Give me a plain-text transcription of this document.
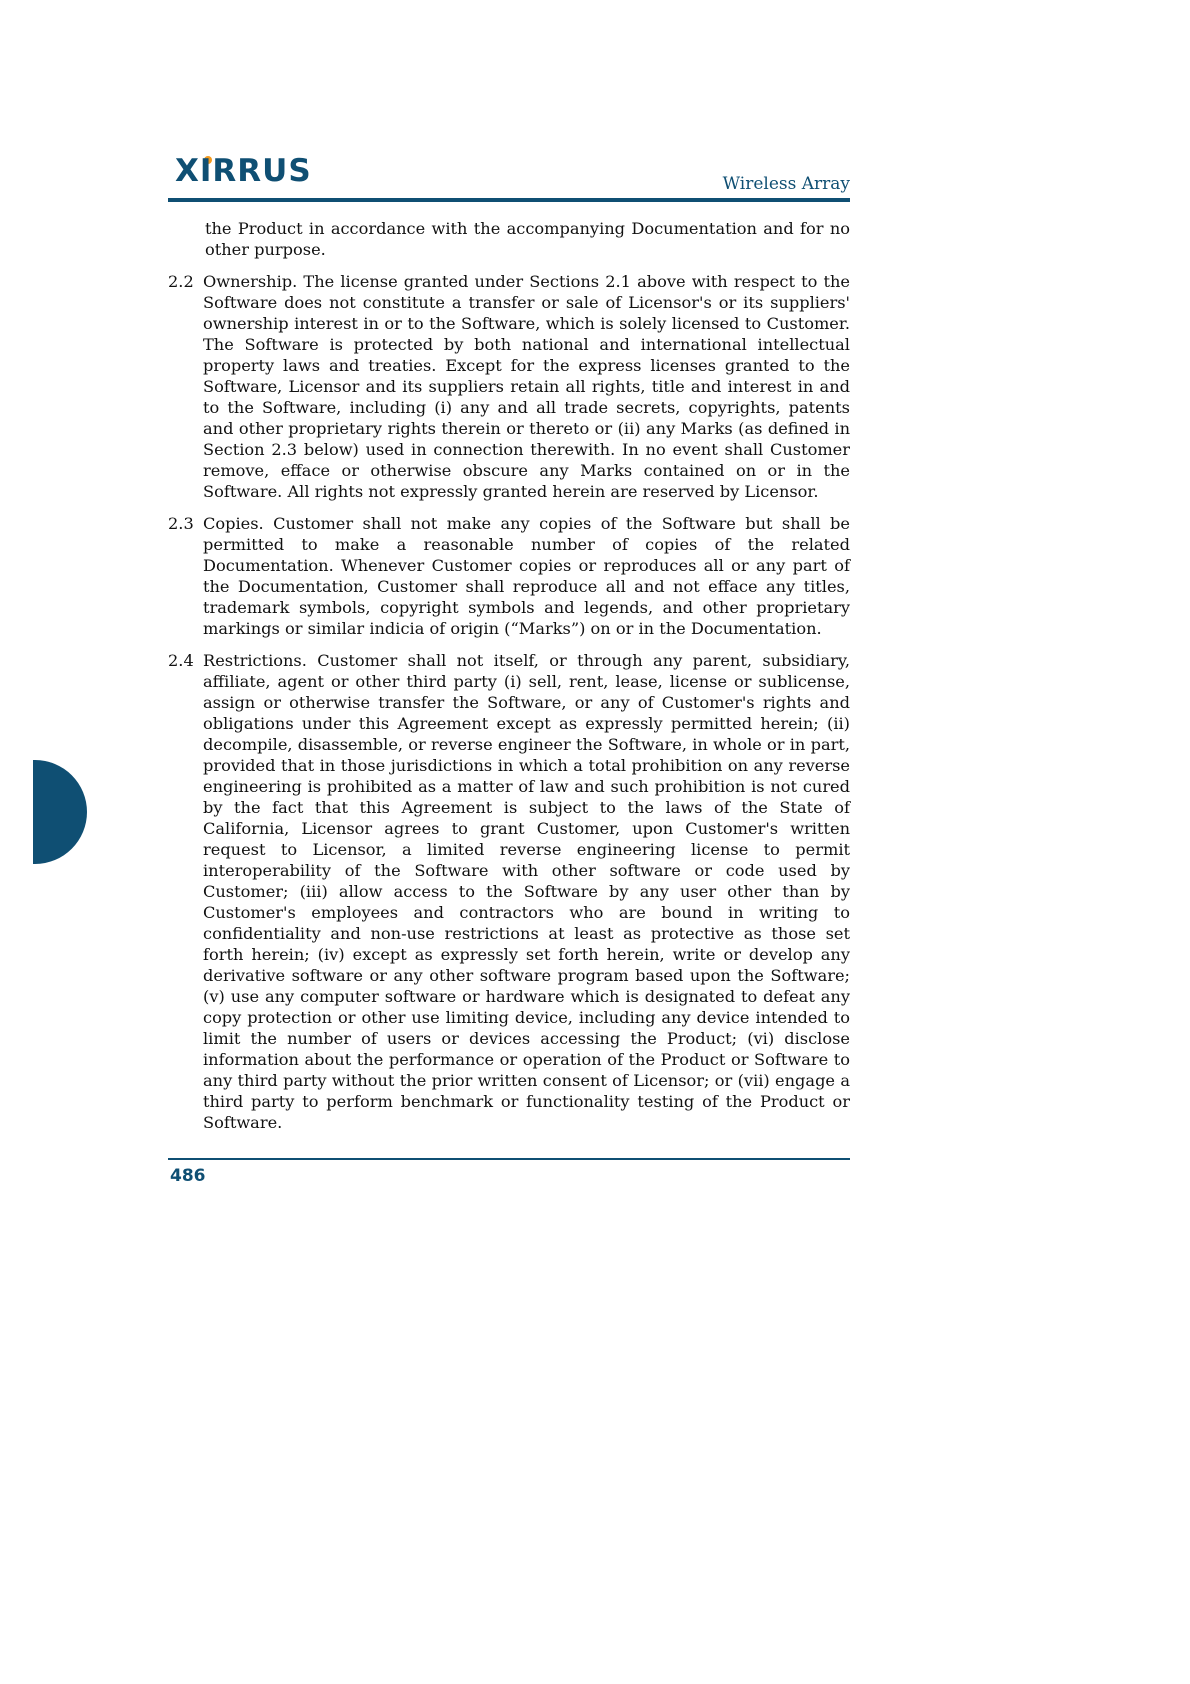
XIRRUS	Wireless Array

the Product in accordance with the accompanying Documentation and for no other purpose.

2.2 Ownership. The license granted under Sections 2.1 above with respect to the Software does not constitute a transfer or sale of Licensor's or its suppliers' ownership interest in or to the Software, which is solely licensed to Customer. The Software is protected by both national and international intellectual property laws and treaties. Except for the express licenses granted to the Software, Licensor and its suppliers retain all rights, title and interest in and to the Software, including (i) any and all trade secrets, copyrights, patents and other proprietary rights therein or thereto or (ii) any Marks (as defined in Section 2.3 below) used in connection therewith. In no event shall Customer remove, efface or otherwise obscure any Marks contained on or in the Software. All rights not expressly granted herein are reserved by Licensor.
2.3 Copies. Customer shall not make any copies of the Software but shall be permitted to make a reasonable number of copies of the related Documentation. Whenever Customer copies or reproduces all or any part of the Documentation, Customer shall reproduce all and not efface any titles, trademark symbols, copyright symbols and legends, and other proprietary markings or similar indicia of origin (“Marks”) on or in the Documentation.
2.4 Restrictions. Customer shall not itself, or through any parent, subsidiary, affiliate, agent or other third party (i) sell, rent, lease, license or sublicense, assign or otherwise transfer the Software, or any of Customer's rights and obligations under this Agreement except as expressly permitted herein; (ii) decompile, disassemble, or reverse engineer the Software, in whole or in part, provided that in those jurisdictions in which a total prohibition on any reverse engineering is prohibited as a matter of law and such prohibition is not cured by the fact that this Agreement is subject to the laws of the State of California, Licensor agrees to grant Customer, upon Customer's written request to Licensor, a limited reverse engineering license to permit interoperability of the Software with other software or code used by Customer; (iii) allow access to the Software by any user other than by Customer's employees and contractors who are bound in writing to confidentiality and non-use restrictions at least as protective as those set forth herein; (iv) except as expressly set forth herein, write or develop any derivative software or any other software program based upon the Software; (v) use any computer software or hardware which is designated to defeat any copy protection or other use limiting device, including any device intended to limit the number of users or devices accessing the Product; (vi) disclose information about the performance or operation of the Product or Software to any third party without the prior written consent of Licensor; or (vii) engage a third party to perform benchmark or functionality testing of the Product or Software.
486
